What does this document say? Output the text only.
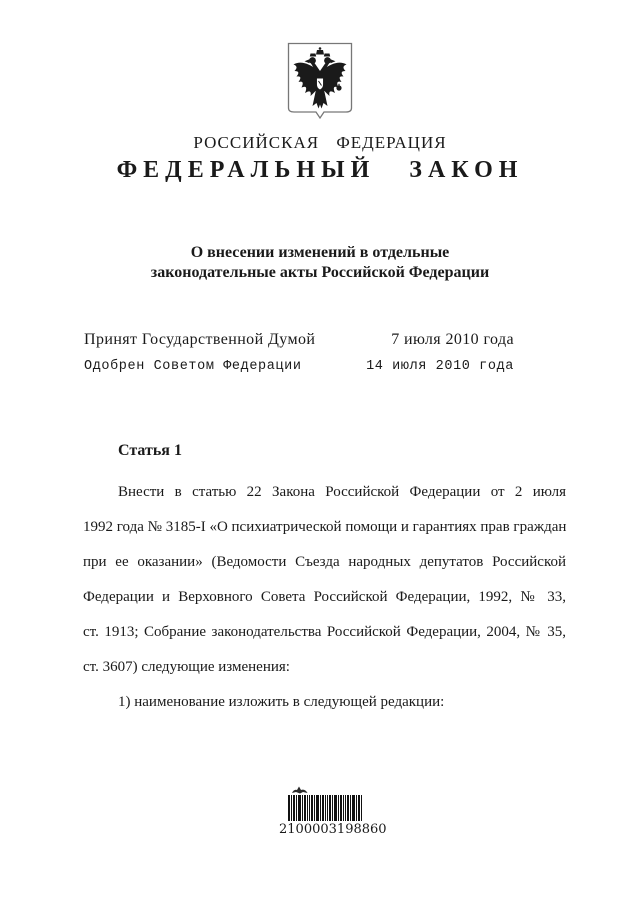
РОССИЙСКАЯ ФЕДЕРАЦИЯ
ФЕДЕРАЛЬНЫЙ ЗАКОН
О внесении изменений в отдельные
законодательные акты Российской Федерации
Принят Государственной Думой	7 июля 2010 года
Одобрен Советом Федерации	14 июля 2010 года
Статья 1
Внести в статью 22 Закона Российской Федерации от 2 июля
1992 года № 3185-I «О психиатрической помощи и гарантиях прав граждан
при ее оказании» (Ведомости Съезда народных депутатов Российской
Федерации и Верховного Совета Российской Федерации, 1992, № 33,
ст. 1913; Собрание законодательства Российской Федерации, 2004, № 35,
ст. 3607) следующие изменения:
1) наименование изложить в следующей редакции:
2 100003 19886 0
